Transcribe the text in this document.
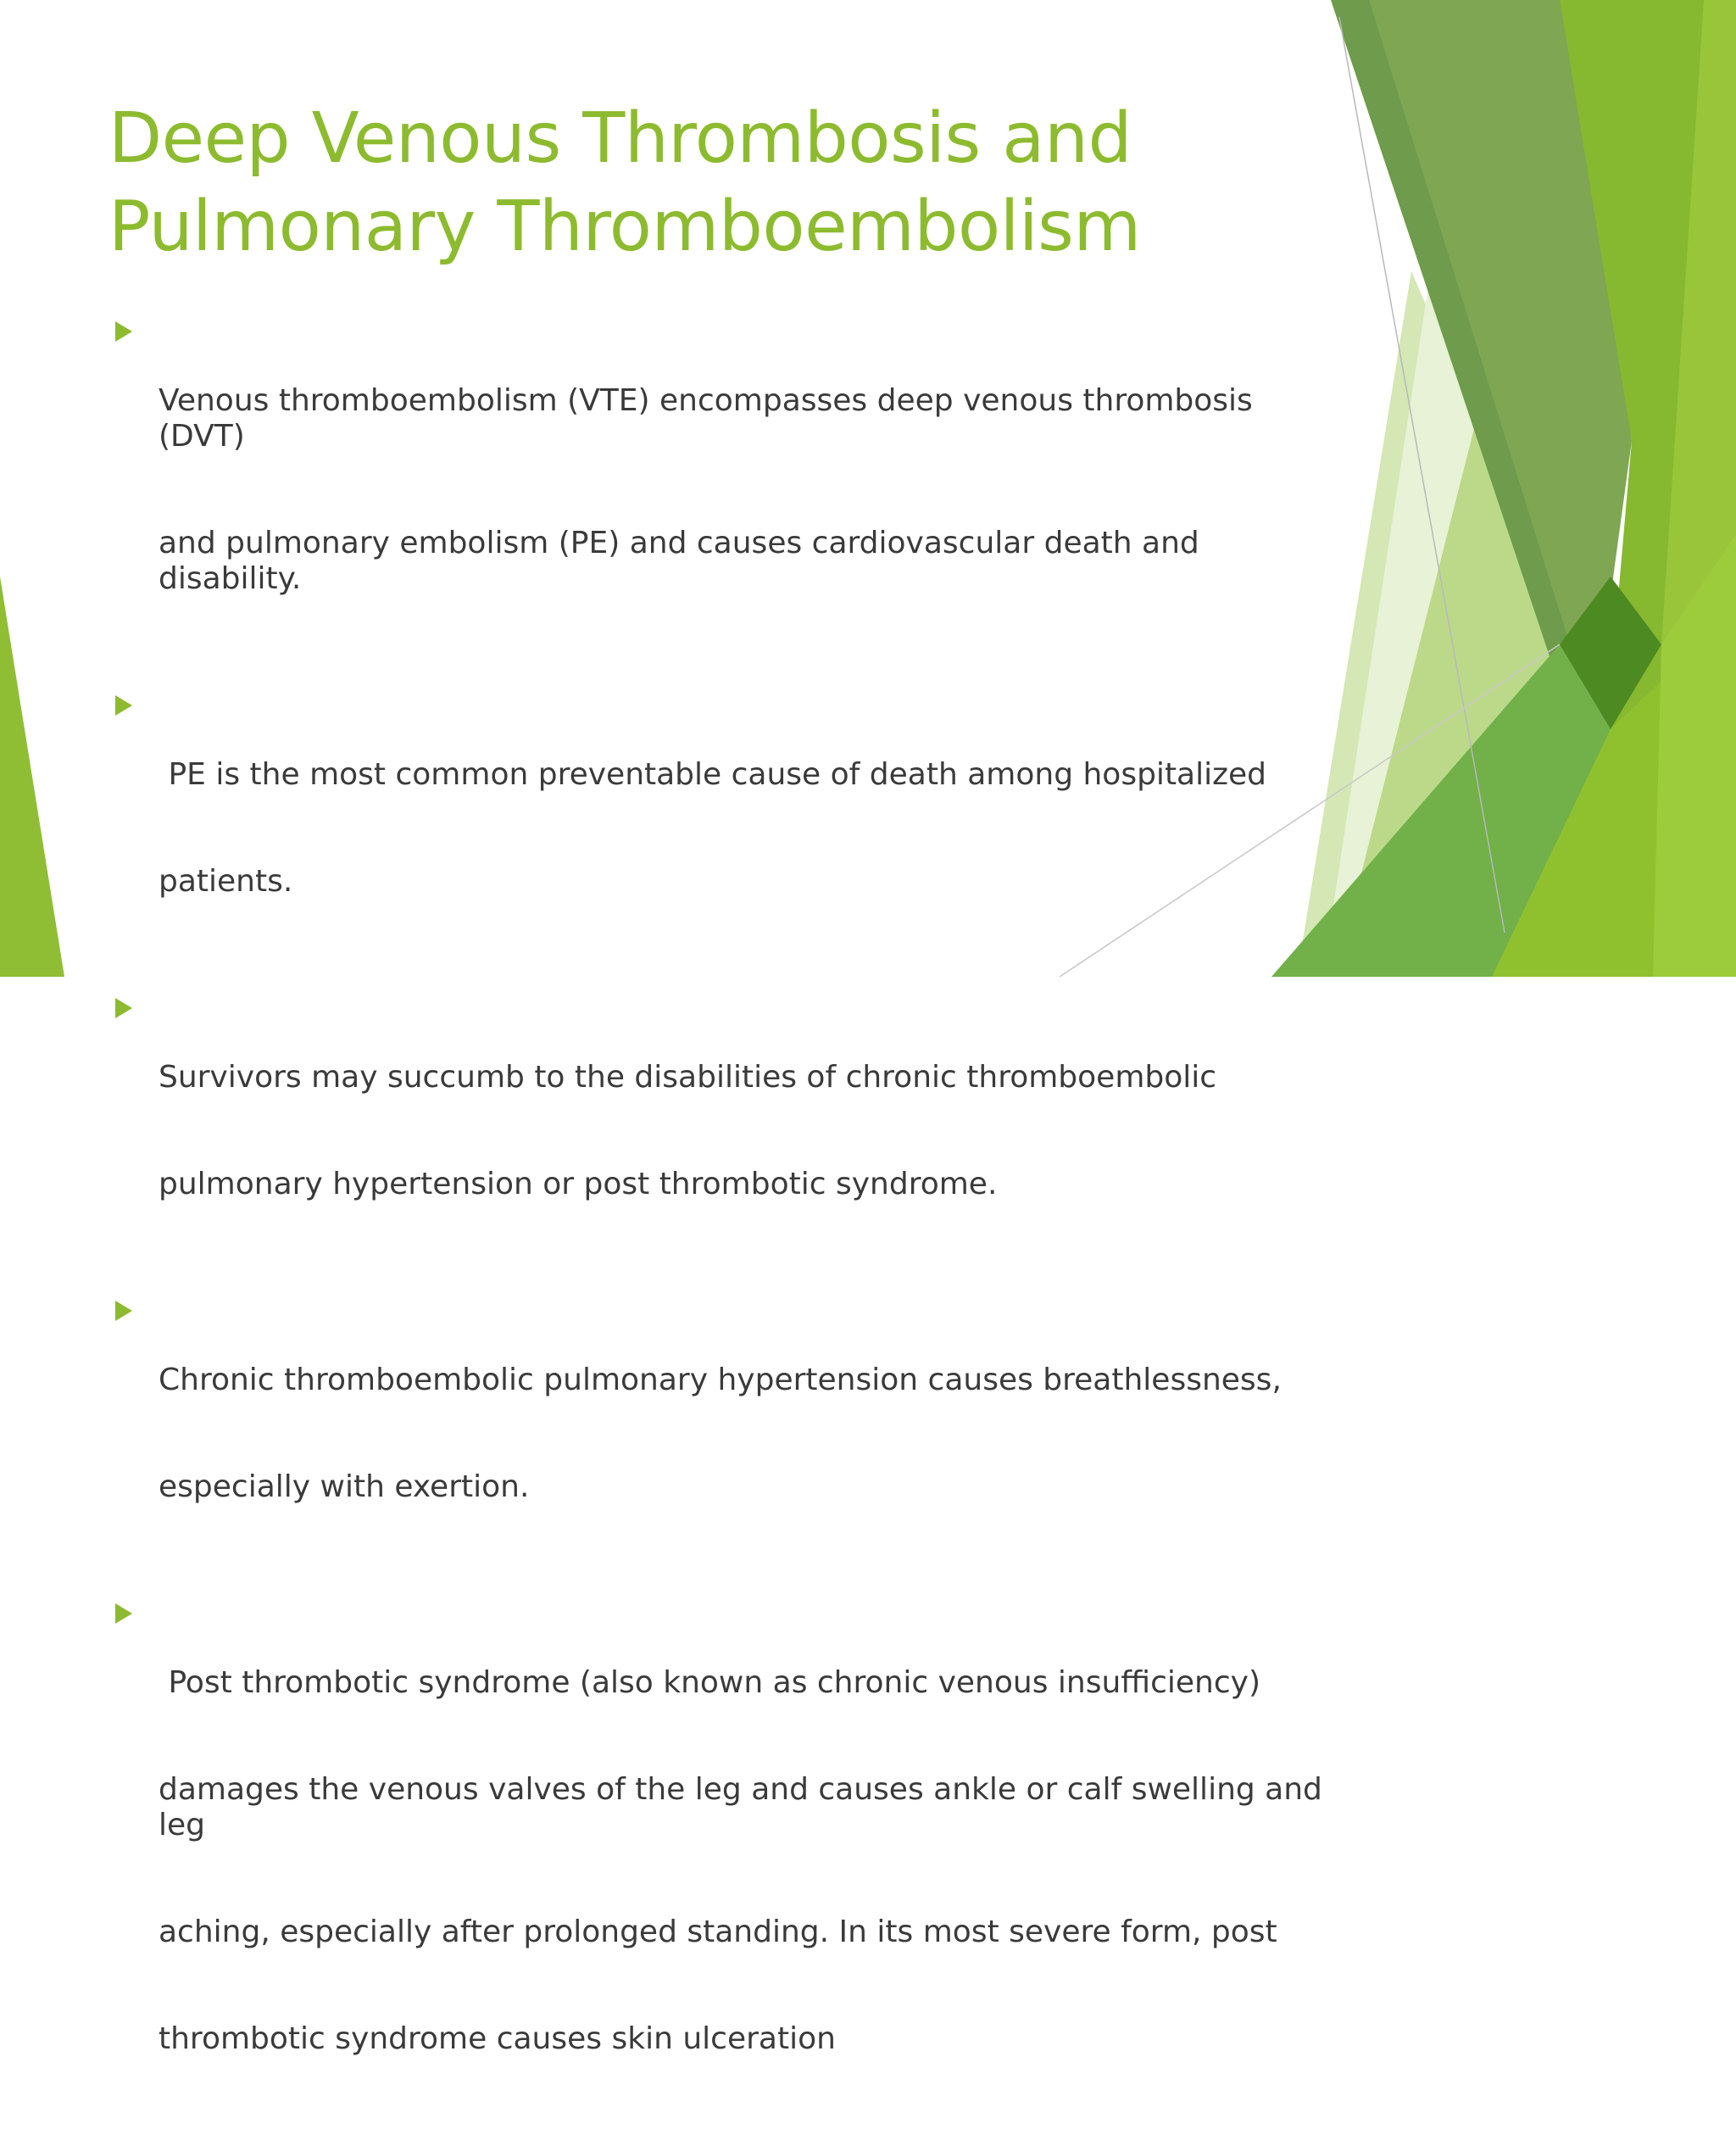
Deep Venous Thrombosis and
Pulmonary Thromboembolism

Venous thromboembolism (VTE) encompasses deep venous thrombosis (DVT)

and pulmonary embolism (PE) and causes cardiovascular death and disability.

PE is the most common preventable cause of death among hospitalized

patients.

Survivors may succumb to the disabilities of chronic thromboembolic

pulmonary hypertension or post thrombotic syndrome.

Chronic thromboembolic pulmonary hypertension causes breathlessness,

especially with exertion.

Post thrombotic syndrome (also known as chronic venous insufficiency)

damages the venous valves of the leg and causes ankle or calf swelling and leg

aching, especially after prolonged standing. In its most severe form, post

thrombotic syndrome causes skin ulceration
